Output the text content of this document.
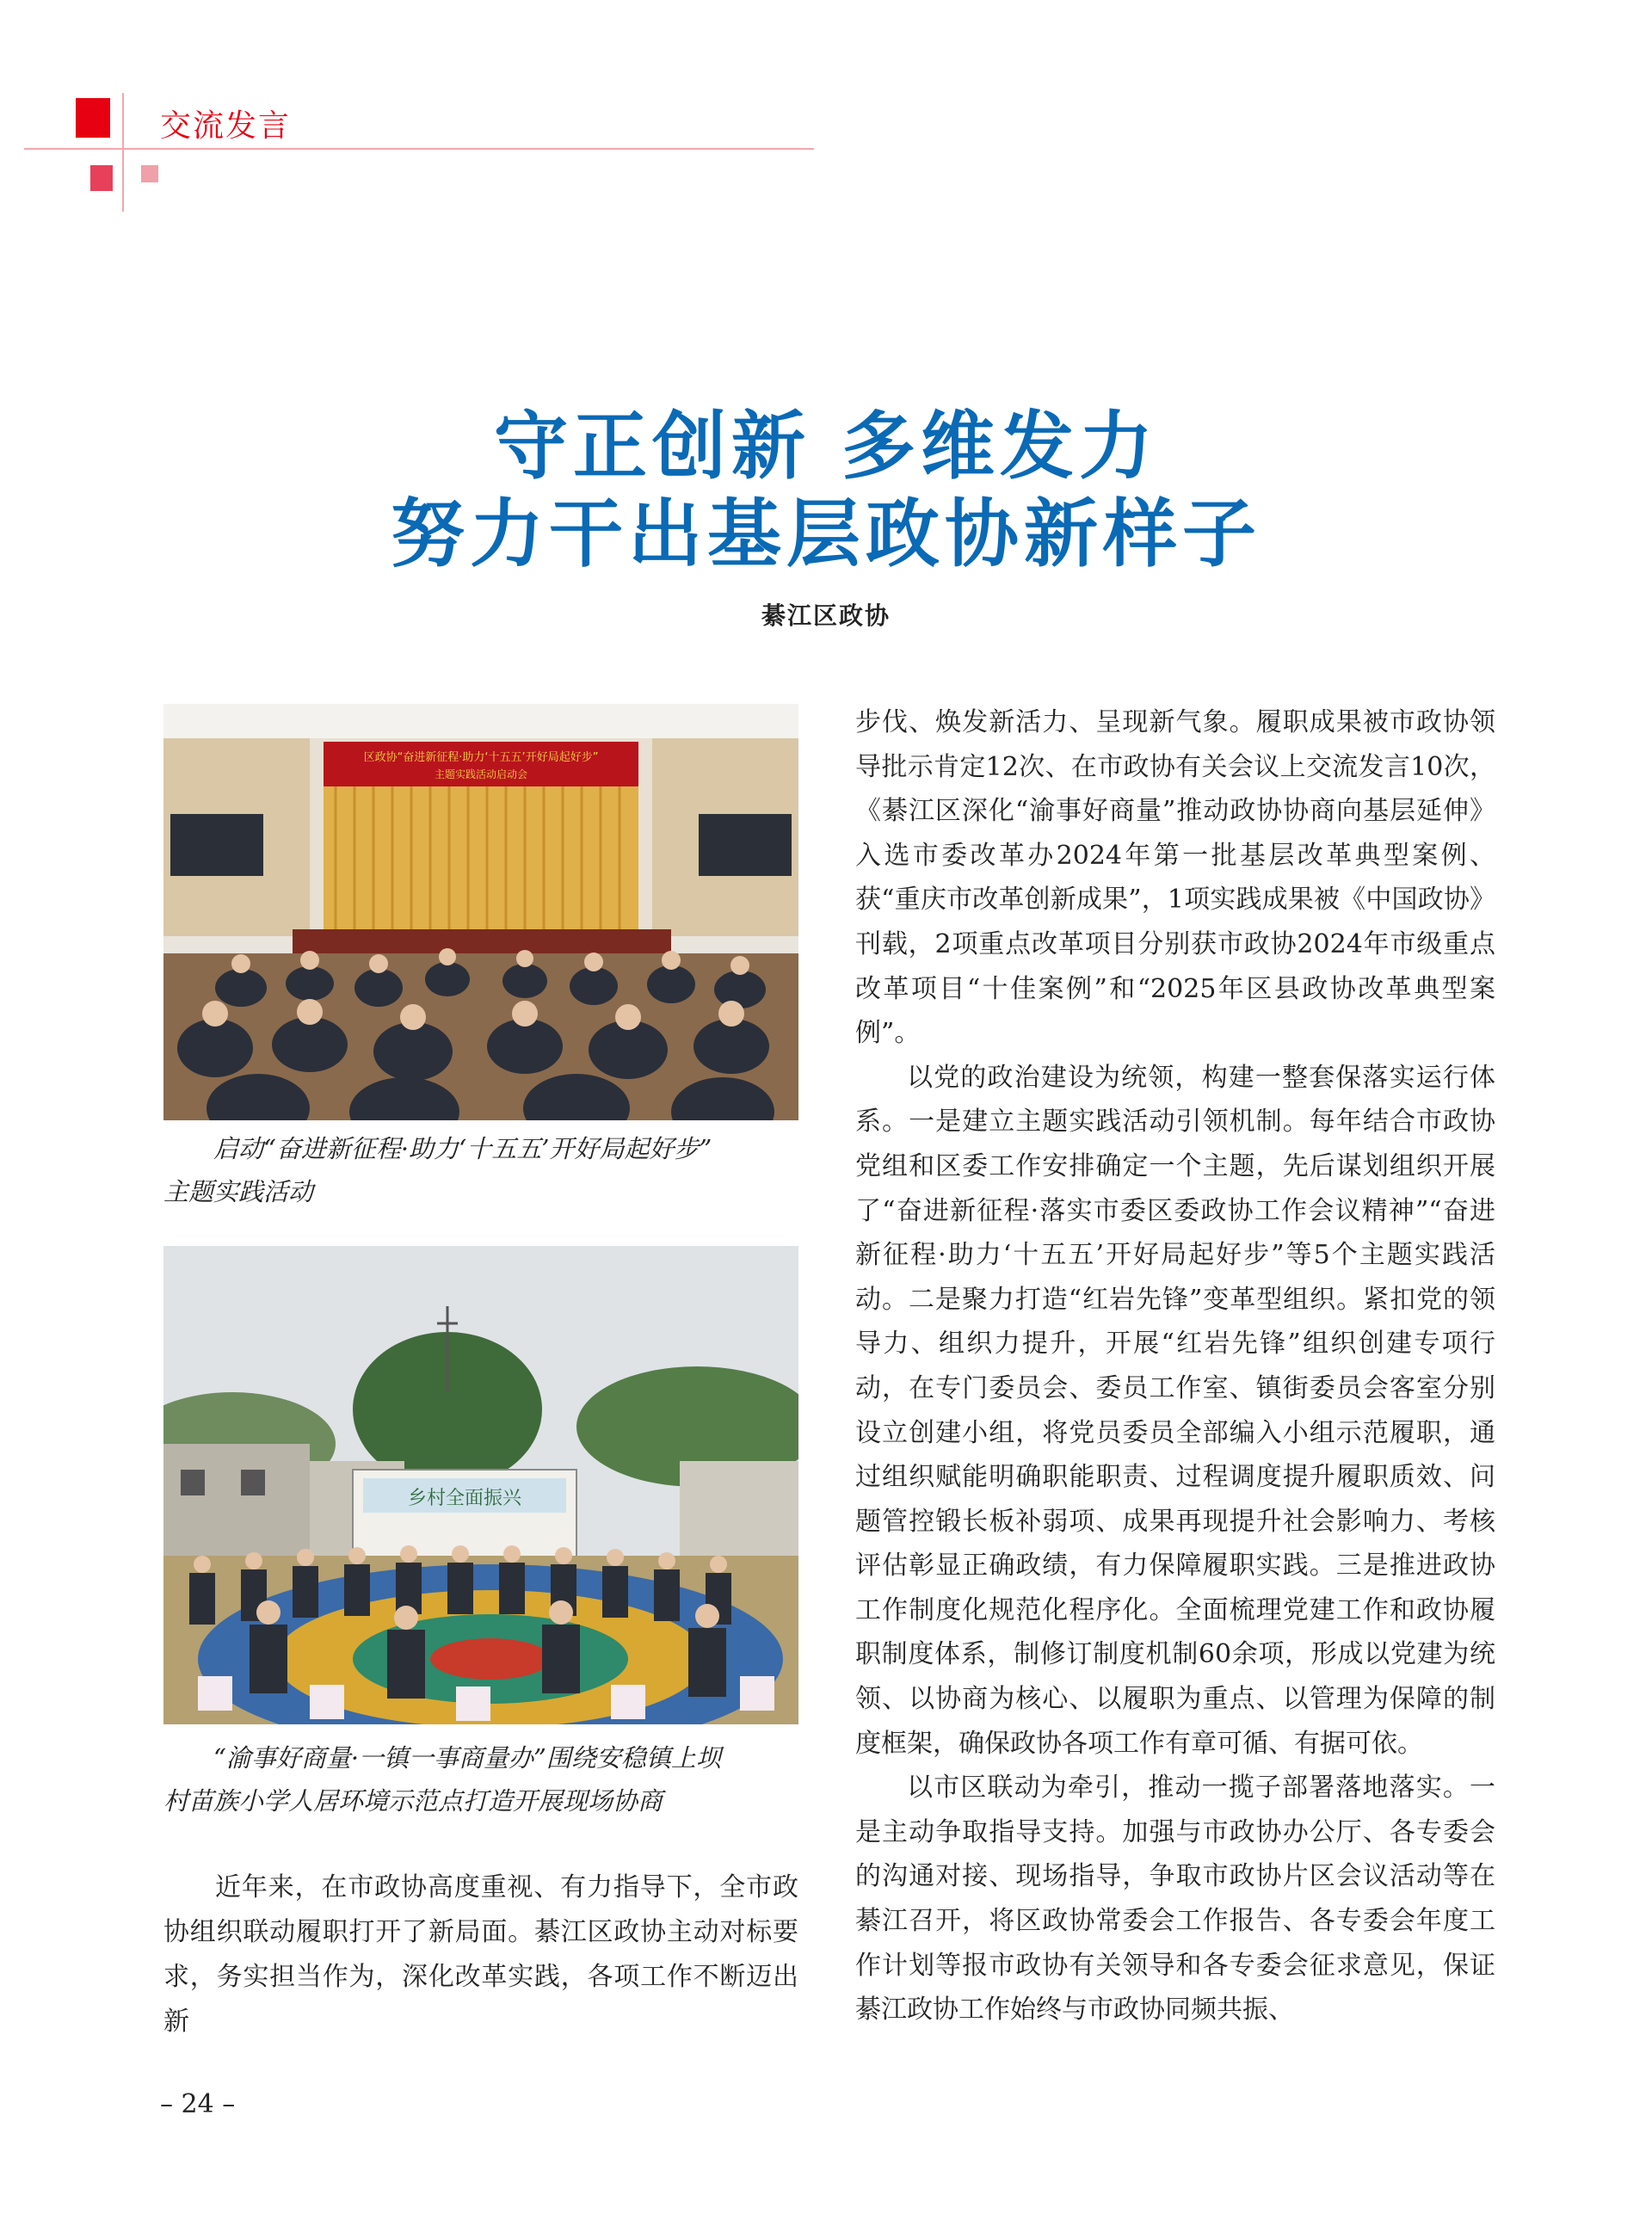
交流发言
守正创新 多维发力
努力干出基层政协新样子
綦江区政协
区政协“奋进新征程·助力‘十五五’开好局起好步”
主题实践活动启动会
启动“奋进新征程·助力‘十五五’开好局起好步”
主题实践活动
乡村全面振兴
“渝事好商量·一镇一事商量办”围绕安稳镇上坝
村苗族小学人居环境示范点打造开展现场协商

近年来，在市政协高度重视、有力指导下，全市政协组织联动履职打开了新局面。綦江区政协主动对标要求，务实担当作为，深化改革实践，各项工作不断迈出新

步伐、焕发新活力、呈现新气象。履职成果被市政协领导批示肯定12次、在市政协有关会议上交流发言10次，《綦江区深化“渝事好商量”推动政协协商向基层延伸》入选市委改革办2024年第一批基层改革典型案例、获“重庆市改革创新成果”，1项实践成果被《中国政协》刊载，2项重点改革项目分别获市政协2024年市级重点改革项目“十佳案例”和“2025年区县政协改革典型案例”。

以党的政治建设为统领，构建一整套保落实运行体系。一是建立主题实践活动引领机制。每年结合市政协党组和区委工作安排确定一个主题，先后谋划组织开展了“奋进新征程·落实市委区委政协工作会议精神”“奋进新征程·助力‘十五五’开好局起好步”等5个主题实践活动。二是聚力打造“红岩先锋”变革型组织。紧扣党的领导力、组织力提升，开展“红岩先锋”组织创建专项行动，在专门委员会、委员工作室、镇街委员会客室分别设立创建小组，将党员委员全部编入小组示范履职，通过组织赋能明确职能职责、过程调度提升履职质效、问题管控锻长板补弱项、成果再现提升社会影响力、考核评估彰显正确政绩，有力保障履职实践。三是推进政协工作制度化规范化程序化。全面梳理党建工作和政协履职制度体系，制修订制度机制60余项，形成以党建为统领、以协商为核心、以履职为重点、以管理为保障的制度框架，确保政协各项工作有章可循、有据可依。

以市区联动为牵引，推动一揽子部署落地落实。一是主动争取指导支持。加强与市政协办公厅、各专委会的沟通对接、现场指导，争取市政协片区会议活动等在綦江召开，将区政协常委会工作报告、各专委会年度工作计划等报市政协有关领导和各专委会征求意见，保证綦江政协工作始终与市政协同频共振、

– 24 –
